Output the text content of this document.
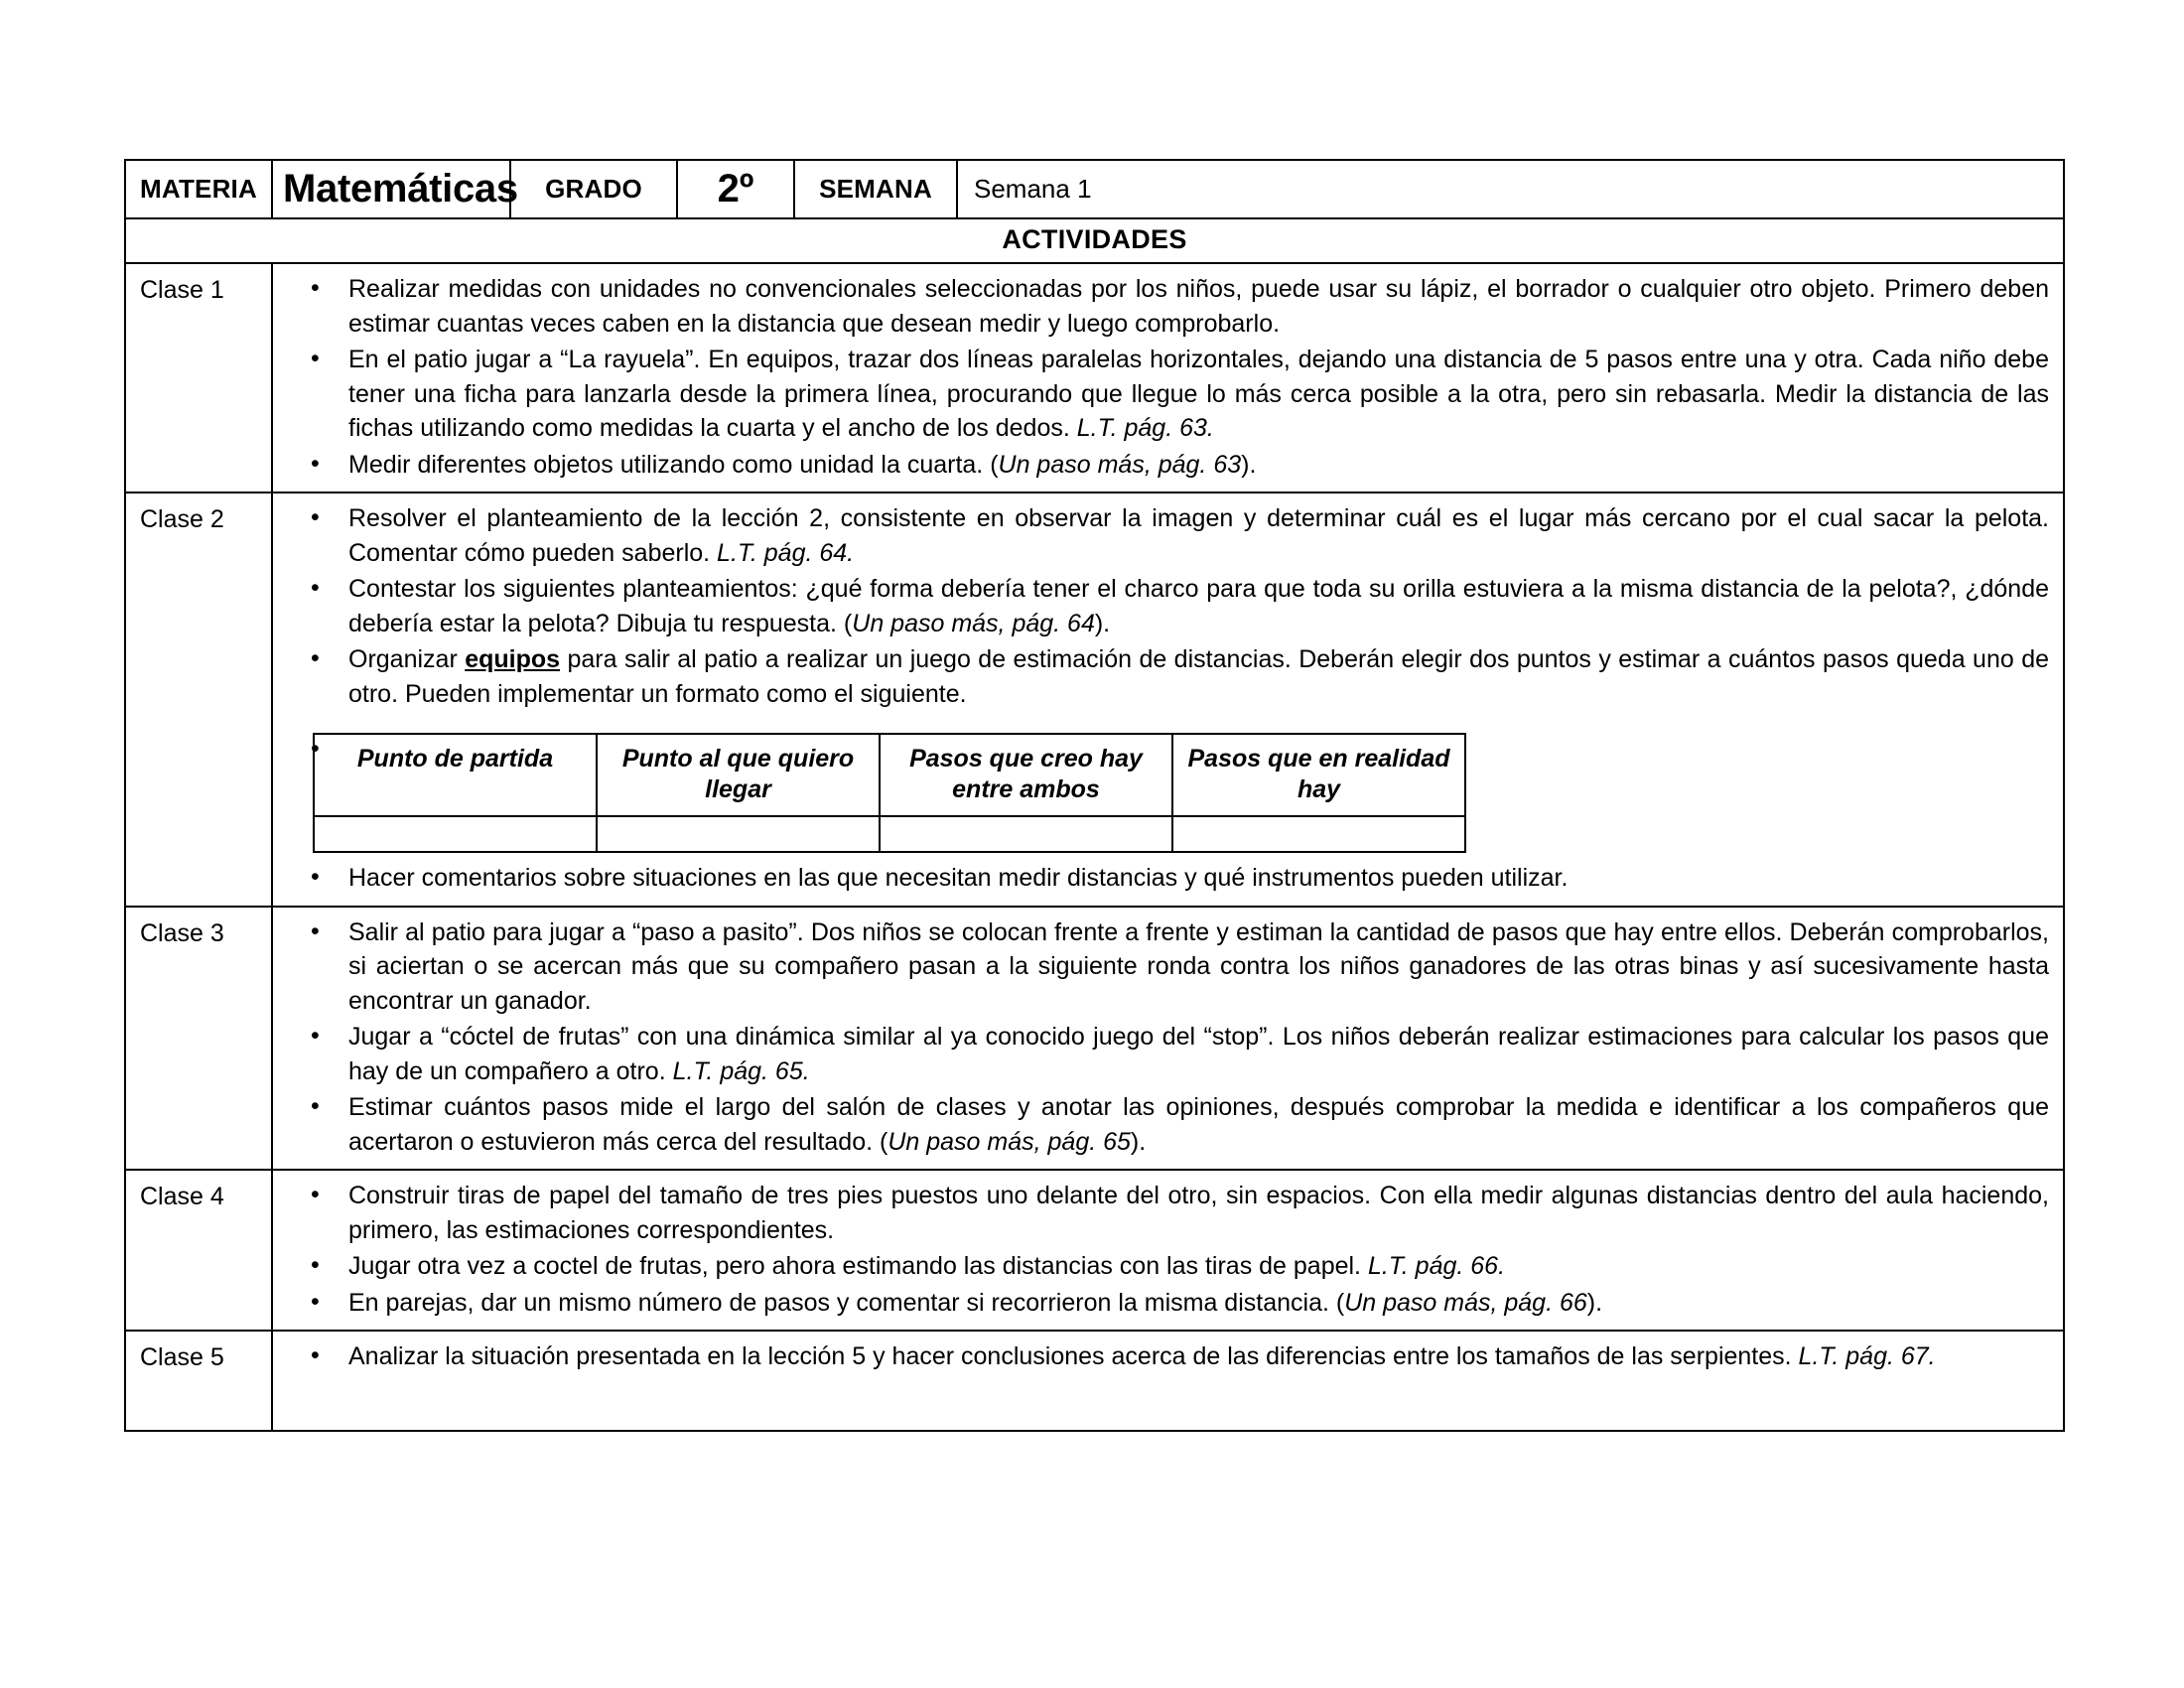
MATERIA	Matemáticas	GRADO	2º	SEMANA	Semana 1
ACTIVIDADES
Clase 1	
•Realizar medidas con unidades no convencionales seleccionadas por los niños, puede usar su lápiz, el borrador o cualquier otro objeto. Primero deben estimar cuantas veces caben en la distancia que desean medir y luego comprobarlo.
• En el patio jugar a “La rayuela”. En equipos, trazar dos líneas paralelas horizontales, dejando una distancia de 5 pasos entre una y otra. Cada niño debe tener una ficha para lanzarla desde la primera línea, procurando que llegue lo más cerca posible a la otra, pero sin rebasarla. Medir la distancia de las fichas utilizando como medidas la cuarta y el ancho de los dedos. L.T. pág. 63.
• Medir diferentes objetos utilizando como unidad la cuarta. (Un paso más, pág. 63).

Clase 2	
•Resolver el planteamiento de la lección 2, consistente en observar la imagen y determinar cuál es el lugar más cercano por el cual sacar la pelota. Comentar cómo pueden saberlo. L.T. pág. 64.
• Contestar los siguientes planteamientos: ¿qué forma debería tener el charco para que toda su orilla estuviera a la misma distancia de la pelota?, ¿dónde debería estar la pelota? Dibuja tu respuesta. (Un paso más, pág. 64).
• Organizar equipos para salir al patio a realizar un juego de estimación de distancias. Deberán elegir dos puntos y estimar a cuántos pasos queda uno de otro. Pueden implementar un formato como el siguiente.
• Punto de partida	Punto al que quiero llegar	Pasos que creo hay entre ambos	Pasos que en realidad hay

• Hacer comentarios sobre situaciones en las que necesitan medir distancias y qué instrumentos pueden utilizar.

Clase 3	
•Salir al patio para jugar a “paso a pasito”. Dos niños se colocan frente a frente y estiman la cantidad de pasos que hay entre ellos. Deberán comprobarlos, si aciertan o se acercan más que su compañero pasan a la siguiente ronda contra los niños ganadores de las otras binas y así sucesivamente hasta encontrar un ganador.
• Jugar a “cóctel de frutas” con una dinámica similar al ya conocido juego del “stop”. Los niños deberán realizar estimaciones para calcular los pasos que hay de un compañero a otro. L.T. pág. 65.
• Estimar cuántos pasos mide el largo del salón de clases y anotar las opiniones, después comprobar la medida e identificar a los compañeros que acertaron o estuvieron más cerca del resultado. (Un paso más, pág. 65).

Clase 4	
•Construir tiras de papel del tamaño de tres pies puestos uno delante del otro, sin espacios. Con ella medir algunas distancias dentro del aula haciendo, primero, las estimaciones correspondientes.
• Jugar otra vez a coctel de frutas, pero ahora estimando las distancias con las tiras de papel. L.T. pág. 66.
• En parejas, dar un mismo número de pasos y comentar si recorrieron la misma distancia. (Un paso más, pág. 66).

Clase 5	
•Analizar la situación presentada en la lección 5 y hacer conclusiones acerca de las diferencias entre los tamaños de las serpientes. L.T. pág. 67.
